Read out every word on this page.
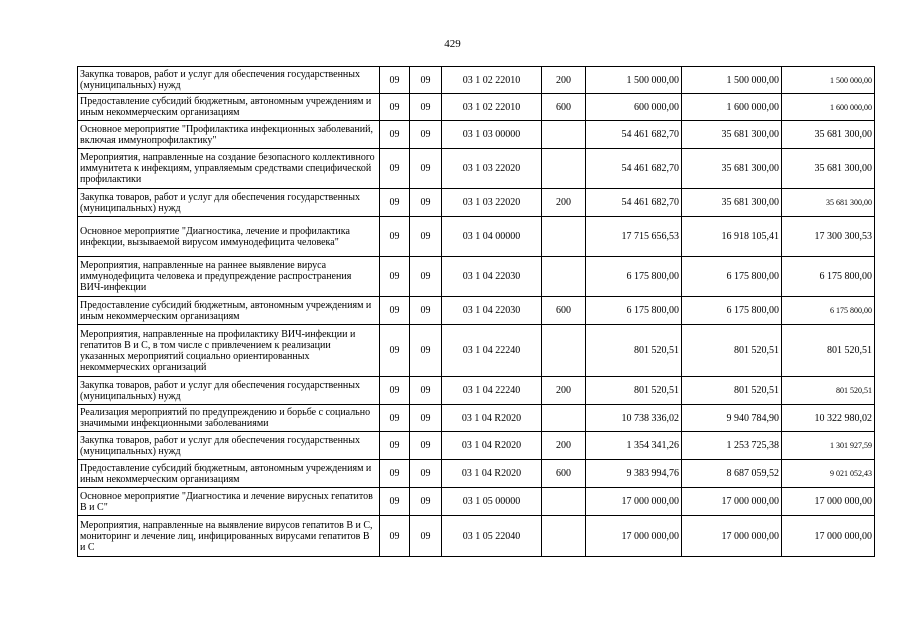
429
Закупка товаров, работ и услуг для обеспечения государственных (муниципальных) нужд	09	09	03 1 02 22010	200	1 500 000,00	1 500 000,00	1 500 000,00
Предоставление субсидий бюджетным, автономным учреждениям и иным некоммерческим организациям	09	09	03 1 02 22010	600	600 000,00	1 600 000,00	1 600 000,00
Основное мероприятие "Профилактика инфекционных заболеваний, включая иммунопрофилактику"	09	09	03 1 03 00000		54 461 682,70	35 681 300,00	35 681 300,00
Мероприятия, направленные на создание безопасного коллективного иммунитета к инфекциям, управляемым средствами специфической профилактики	09	09	03 1 03 22020		54 461 682,70	35 681 300,00	35 681 300,00
Закупка товаров, работ и услуг для обеспечения государственных (муниципальных) нужд	09	09	03 1 03 22020	200	54 461 682,70	35 681 300,00	35 681 300,00
Основное мероприятие "Диагностика, лечение и профилактика инфекции, вызываемой вирусом иммунодефицита человека"	09	09	03 1 04 00000		17 715 656,53	16 918 105,41	17 300 300,53
Мероприятия, направленные на раннее выявление вируса иммунодефицита человека и предупреждение распространения ВИЧ-инфекции	09	09	03 1 04 22030		6 175 800,00	6 175 800,00	6 175 800,00
Предоставление субсидий бюджетным, автономным учреждениям и иным некоммерческим организациям	09	09	03 1 04 22030	600	6 175 800,00	6 175 800,00	6 175 800,00
Мероприятия, направленные на профилактику ВИЧ-инфекции и гепатитов В и С, в том числе с привлечением к реализации указанных мероприятий социально ориентированных некоммерческих организаций	09	09	03 1 04 22240		801 520,51	801 520,51	801 520,51
Закупка товаров, работ и услуг для обеспечения государственных (муниципальных) нужд	09	09	03 1 04 22240	200	801 520,51	801 520,51	801 520,51
Реализация мероприятий по предупреждению и борьбе с социально значимыми инфекционными заболеваниями	09	09	03 1 04 R2020		10 738 336,02	9 940 784,90	10 322 980,02
Закупка товаров, работ и услуг для обеспечения государственных (муниципальных) нужд	09	09	03 1 04 R2020	200	1 354 341,26	1 253 725,38	1 301 927,59
Предоставление субсидий бюджетным, автономным учреждениям и иным некоммерческим организациям	09	09	03 1 04 R2020	600	9 383 994,76	8 687 059,52	9 021 052,43
Основное мероприятие "Диагностика и лечение вирусных гепатитов В и С"	09	09	03 1 05 00000		17 000 000,00	17 000 000,00	17 000 000,00
Мероприятия, направленные на выявление вирусов гепатитов В и С, мониторинг и лечение лиц, инфицированных вирусами гепатитов В и С	09	09	03 1 05 22040		17 000 000,00	17 000 000,00	17 000 000,00
